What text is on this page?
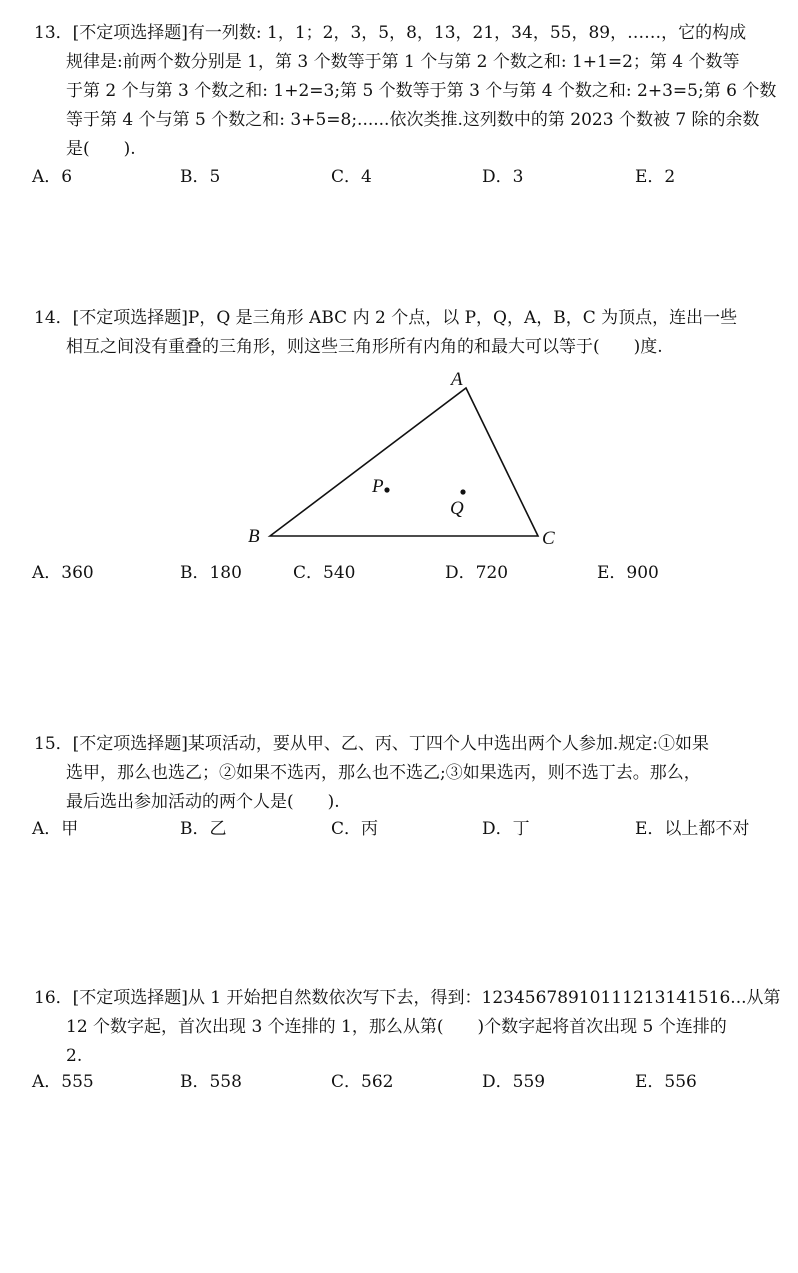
13．[不定项选择题]有一列数: 1，1；2，3，5，8，13，21，34，55，89，……，它的构成
规律是:前两个数分别是 1，第 3 个数等于第 1 个与第 2 个数之和: 1+1=2；第 4 个数等
于第 2 个与第 3 个数之和: 1+2=3;第 5 个数等于第 3 个与第 4 个数之和: 2+3=5;第 6 个数
等于第 4 个与第 5 个数之和: 3+5=8;......依次类推.这列数中的第 2023 个数被 7 除的余数
是(　　).
A．6	B．5	C．4	D．3	E．2
14．[不定项选择题]P，Q 是三角形 ABC 内 2 个点，以 P，Q，A，B，C 为顶点，连出一些
相互之间没有重叠的三角形，则这些三角形所有内角的和最大可以等于(　　)度.
A
B	C
P
Q
A．360	B．180	C．540	D．720	E．900
15．[不定项选择题]某项活动，要从甲、乙、丙、丁四个人中选出两个人参加.规定:①如果
选甲，那么也选乙；②如果不选丙，那么也不选乙;③如果选丙，则不选丁去。那么，
最后选出参加活动的两个人是(　　).
A．甲	B．乙	C．丙	D．丁	E．以上都不对
16．[不定项选择题]从 1 开始把自然数依次写下去，得到：12345678910111213141516...从第
12 个数字起，首次出现 3 个连排的 1，那么从第(　　)个数字起将首次出现 5 个连排的
2.
A．555	B．558	C．562	D．559	E．556
